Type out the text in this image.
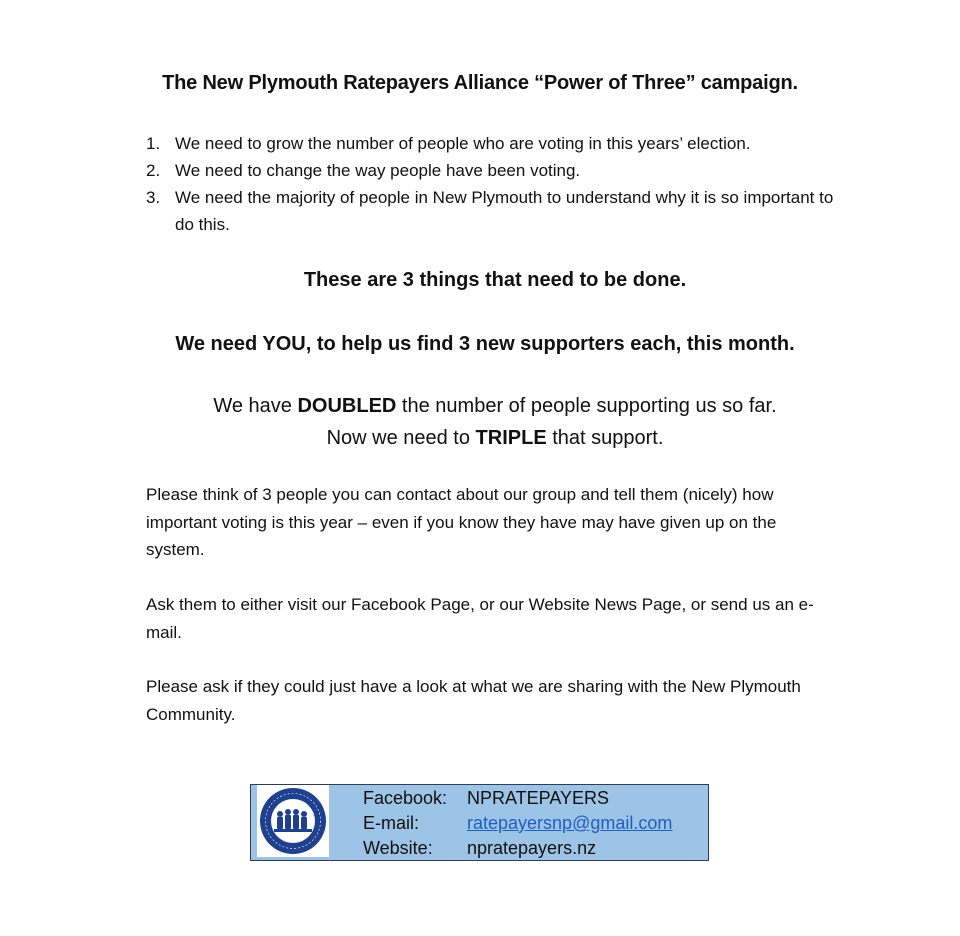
The New Plymouth Ratepayers Alliance “Power of Three” campaign.
1. We need to grow the number of people who are voting in this years’ election.
2. We need to change the way people have been voting.
3. We need the majority of people in New Plymouth to understand why it is so important to do this.
These are 3 things that need to be done.
We need YOU, to help us find 3 new supporters each, this month.
We have DOUBLED the number of people supporting us so far.
Now we need to TRIPLE that support.

Please think of 3 people you can contact about our group and tell them (nicely) how important voting is this year – even if you know they have may have given up on the system.

Ask them to either visit our Facebook Page, or our Website News Page, or send us an e-mail.

Please ask if they could just have a look at what we are sharing with the New Plymouth Community.

Facebook:	NPRATEPAYERS
E-mail:	ratepayersnp@gmail.com
Website:	npratepayers.nz
